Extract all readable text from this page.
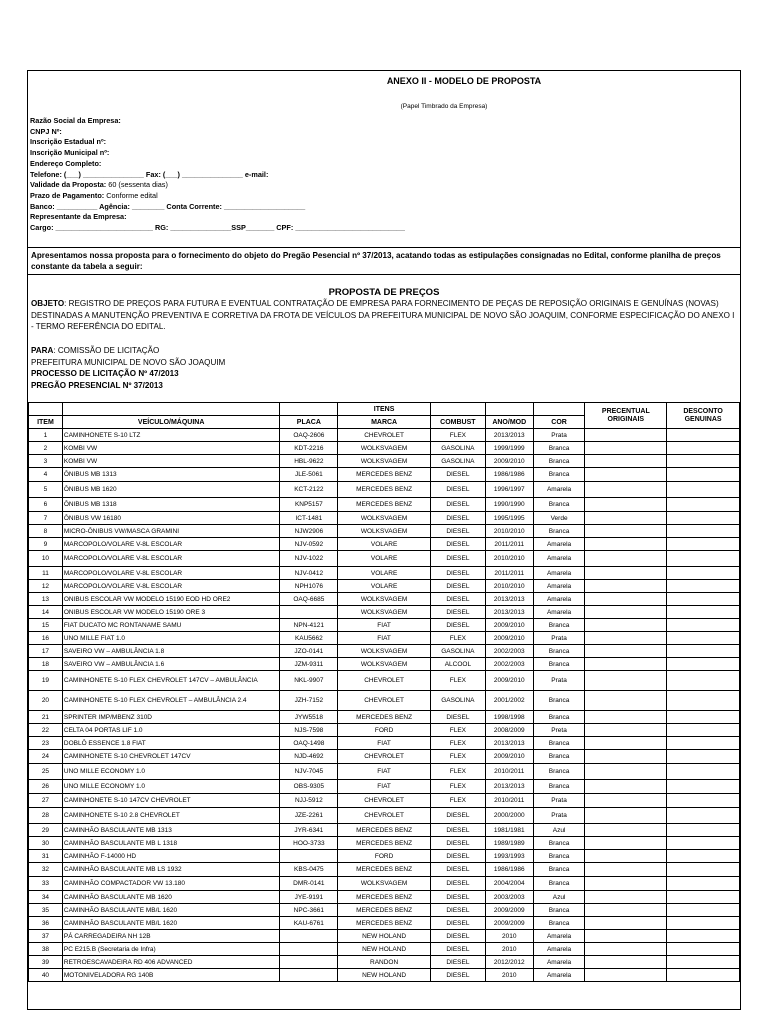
ANEXO II - MODELO DE PROPOSTA
(Papel Timbrado da Empresa)
Razão Social da Empresa:
CNPJ Nº:
Inscrição Estadual nº:
Inscrição Municipal nº:
Endereço Completo:
Telefone: (___) _______________ Fax: (___) _______________ e-mail:
Validade da Proposta: 60 (sessenta dias)
Prazo de Pagamento: Conforme edital
Banco: __________ Agência: ________ Conta Corrente: ____________________
Representante da Empresa:
Cargo: ________________________ RG: _______________SSP_______ CPF: ___________________________
Apresentamos nossa proposta para o fornecimento do objeto do Pregão Pesencial nº 37/2013, acatando todas as estipulações consignadas no Edital, conforme planilha de preços constante da tabela a seguir:
PROPOSTA DE PREÇOS
OBJETO: REGISTRO DE PREÇOS PARA FUTURA E EVENTUAL CONTRATAÇÃO DE EMPRESA PARA FORNECIMENTO DE PEÇAS DE REPOSIÇÃO ORIGINAIS E GENUÍNAS (NOVAS) DESTINADAS A MANUTENÇÃO PREVENTIVA E CORRETIVA DA FROTA DE VEÍCULOS DA PREFEITURA MUNICIPAL DE NOVO SÃO JOAQUIM, CONFORME ESPECIFICAÇÃO DO ANEXO I - TERMO REFERÊNCIA DO EDITAL.
PARA: COMISSÃO DE LICITAÇÃO
PREFEITURA MUNICIPAL DE NOVO SÃO JOAQUIM
PROCESSO DE LICITAÇÃO Nº 47/2013
PREGÃO PRESENCIAL Nº 37/2013
			ITENS				PRECENTUAL ORIGINAIS	DESCONTO GENUINAS
ITEM	VEÍCULO/MÁQUINA	PLACA	MARCA	COMBUST	ANO/MOD	COR		
1	CAMINHONETE S-10 LTZ	OAQ-2606	CHEVROLET	FLEX	2013/2013	Prata		
2	KOMBI VW	KDT-2216	WOLKSVAGEM	GASOLINA	1999/1999	Branca		
3	KOMBI VW	HBL-9622	WOLKSVAGEM	GASOLINA	2009/2010	Branca		
4	ÔNIBUS MB 1313	JLE-5061	MERCEDES BENZ	DIESEL	1986/1986	Branca		
5	ÔNIBUS MB 1620	KCT-2122	MERCEDES BENZ	DIESEL	1996/1997	Amarela		
6	ÔNIBUS MB 1318	KNP5157	MERCEDES BENZ	DIESEL	1990/1990	Branca		
7	ÔNIBUS VW 16180	ICT-1481	WOLKSVAGEM	DIESEL	1995/1995	Verde		
8	MICRO-ÔNIBUS VW/MASCA GRAMINI	NJW2906	WOLKSVAGEM	DIESEL	2010/2010	Branca		
9	MARCOPOLO/VOLARE V-8L ESCOLAR	NJV-0592	VOLARE	DIESEL	2011/2011	Amarela		
10	MARCOPOLO/VOLARE V-8L ESCOLAR	NJV-1022	VOLARE	DIESEL	2010/2010	Amarela		
11	MARCOPOLO/VOLARE V-8L ESCOLAR	NJV-0412	VOLARE	DIESEL	2011/2011	Amarela		
12	MARCOPOLO/VOLARE V-8L ESCOLAR	NPH1076	VOLARE	DIESEL	2010/2010	Amarela		
13	ONIBUS ESCOLAR VW MODELO 15190 EOD HD ORE2	OAQ-6685	WOLKSVAGEM	DIESEL	2013/2013	Amarela		
14	ONIBUS ESCOLAR VW MODELO 15190 ORE 3		WOLKSVAGEM	DIESEL	2013/2013	Amarela		
15	FIAT DUCATO MC RONTANAME SAMU	NPN-4121	FIAT	DIESEL	2009/2010	Branca		
16	UNO MILLE FIAT 1.0	KAU5662	FIAT	FLEX	2009/2010	Prata		
17	SAVEIRO VW – AMBULÂNCIA 1.8	JZO-0141	WOLKSVAGEM	GASOLINA	2002/2003	Branca		
18	SAVEIRO VW – AMBULÂNCIA 1.6	JZM-9311	WOLKSVAGEM	ALCOOL	2002/2003	Branca		
19	CAMINHONETE S-10 FLEX CHEVROLET 147CV – AMBULÂNCIA	NKL-9907	CHEVROLET	FLEX	2009/2010	Prata		
20	CAMINHONETE S-10 FLEX CHEVROLET – AMBULÂNCIA 2.4	JZH-7152	CHEVROLET	GASOLINA	2001/2002	Branca		
21	SPRINTER IMP/MBENZ 310D	JYW5518	MERCEDES BENZ	DIESEL	1998/1998	Branca		
22	CELTA 04 PORTAS LIF 1.0	NJS-7598	FORD	FLEX	2008/2009	Preta		
23	DOBLÔ ESSENCE 1.8 FIAT	OAQ-1498	FIAT	FLEX	2013/2013	Branca		
24	CAMINHONETE S-10 CHEVROLET 147CV	NJD-4692	CHEVROLET	FLEX	2009/2010	Branca		
25	UNO MILLE ECONOMY 1.0	NJV-7045	FIAT	FLEX	2010/2011	Branca		
26	UNO MILLE ECONOMY 1.0	OBS-9305	FIAT	FLEX	2013/2013	Branca		
27	CAMINHONETE S-10 147CV CHEVROLET	NJJ-5912	CHEVROLET	FLEX	2010/2011	Prata		
28	CAMINHONETE S-10 2.8 CHEVROLET	JZE-2261	CHEVROLET	DIESEL	2000/2000	Prata		
29	CAMINHÃO BASCULANTE MB 1313	JYR-6341	MERCEDES BENZ	DIESEL	1981/1981	Azul		
30	CAMINHÃO BASCULANTE MB L 1318	HOO-3733	MERCEDES BENZ	DIESEL	1989/1989	Branca		
31	CAMINHÃO F-14000 HD		FORD	DIESEL	1993/1993	Branca		
32	CAMINHÃO BASCULANTE MB LS 1932	KBS-0475	MERCEDES BENZ	DIESEL	1986/1986	Branca		
33	CAMINHÃO COMPACTADOR VW 13.180	DMR-0141	WOLKSVAGEM	DIESEL	2004/2004	Branca		
34	CAMINHÃO BASCULANTE MB 1620	JYE-9191	MERCEDES BENZ	DIESEL	2003/2003	Azul		
35	CAMINHÃO BASCULANTE MB/L 1620	NPC-3661	MERCEDES BENZ	DIESEL	2009/2009	Branca		
36	CAMINHÃO BASCULANTE MB/L 1620	KAU-6761	MERCEDES BENZ	DIESEL	2009/2009	Branca		
37	PÁ CARREGADEIRA NH 12B		NEW HOLAND	DIESEL	2010	Amarela		
38	PC E215.B (Secretaria de Infra)		NEW HOLAND	DIESEL	2010	Amarela		
39	RETROESCAVADEIRA RD 406 ADVANCED		RANDON	DIESEL	2012/2012	Amarela		
40	MOTONIVELADORA RG 140B		NEW HOLAND	DIESEL	2010	Amarela		
